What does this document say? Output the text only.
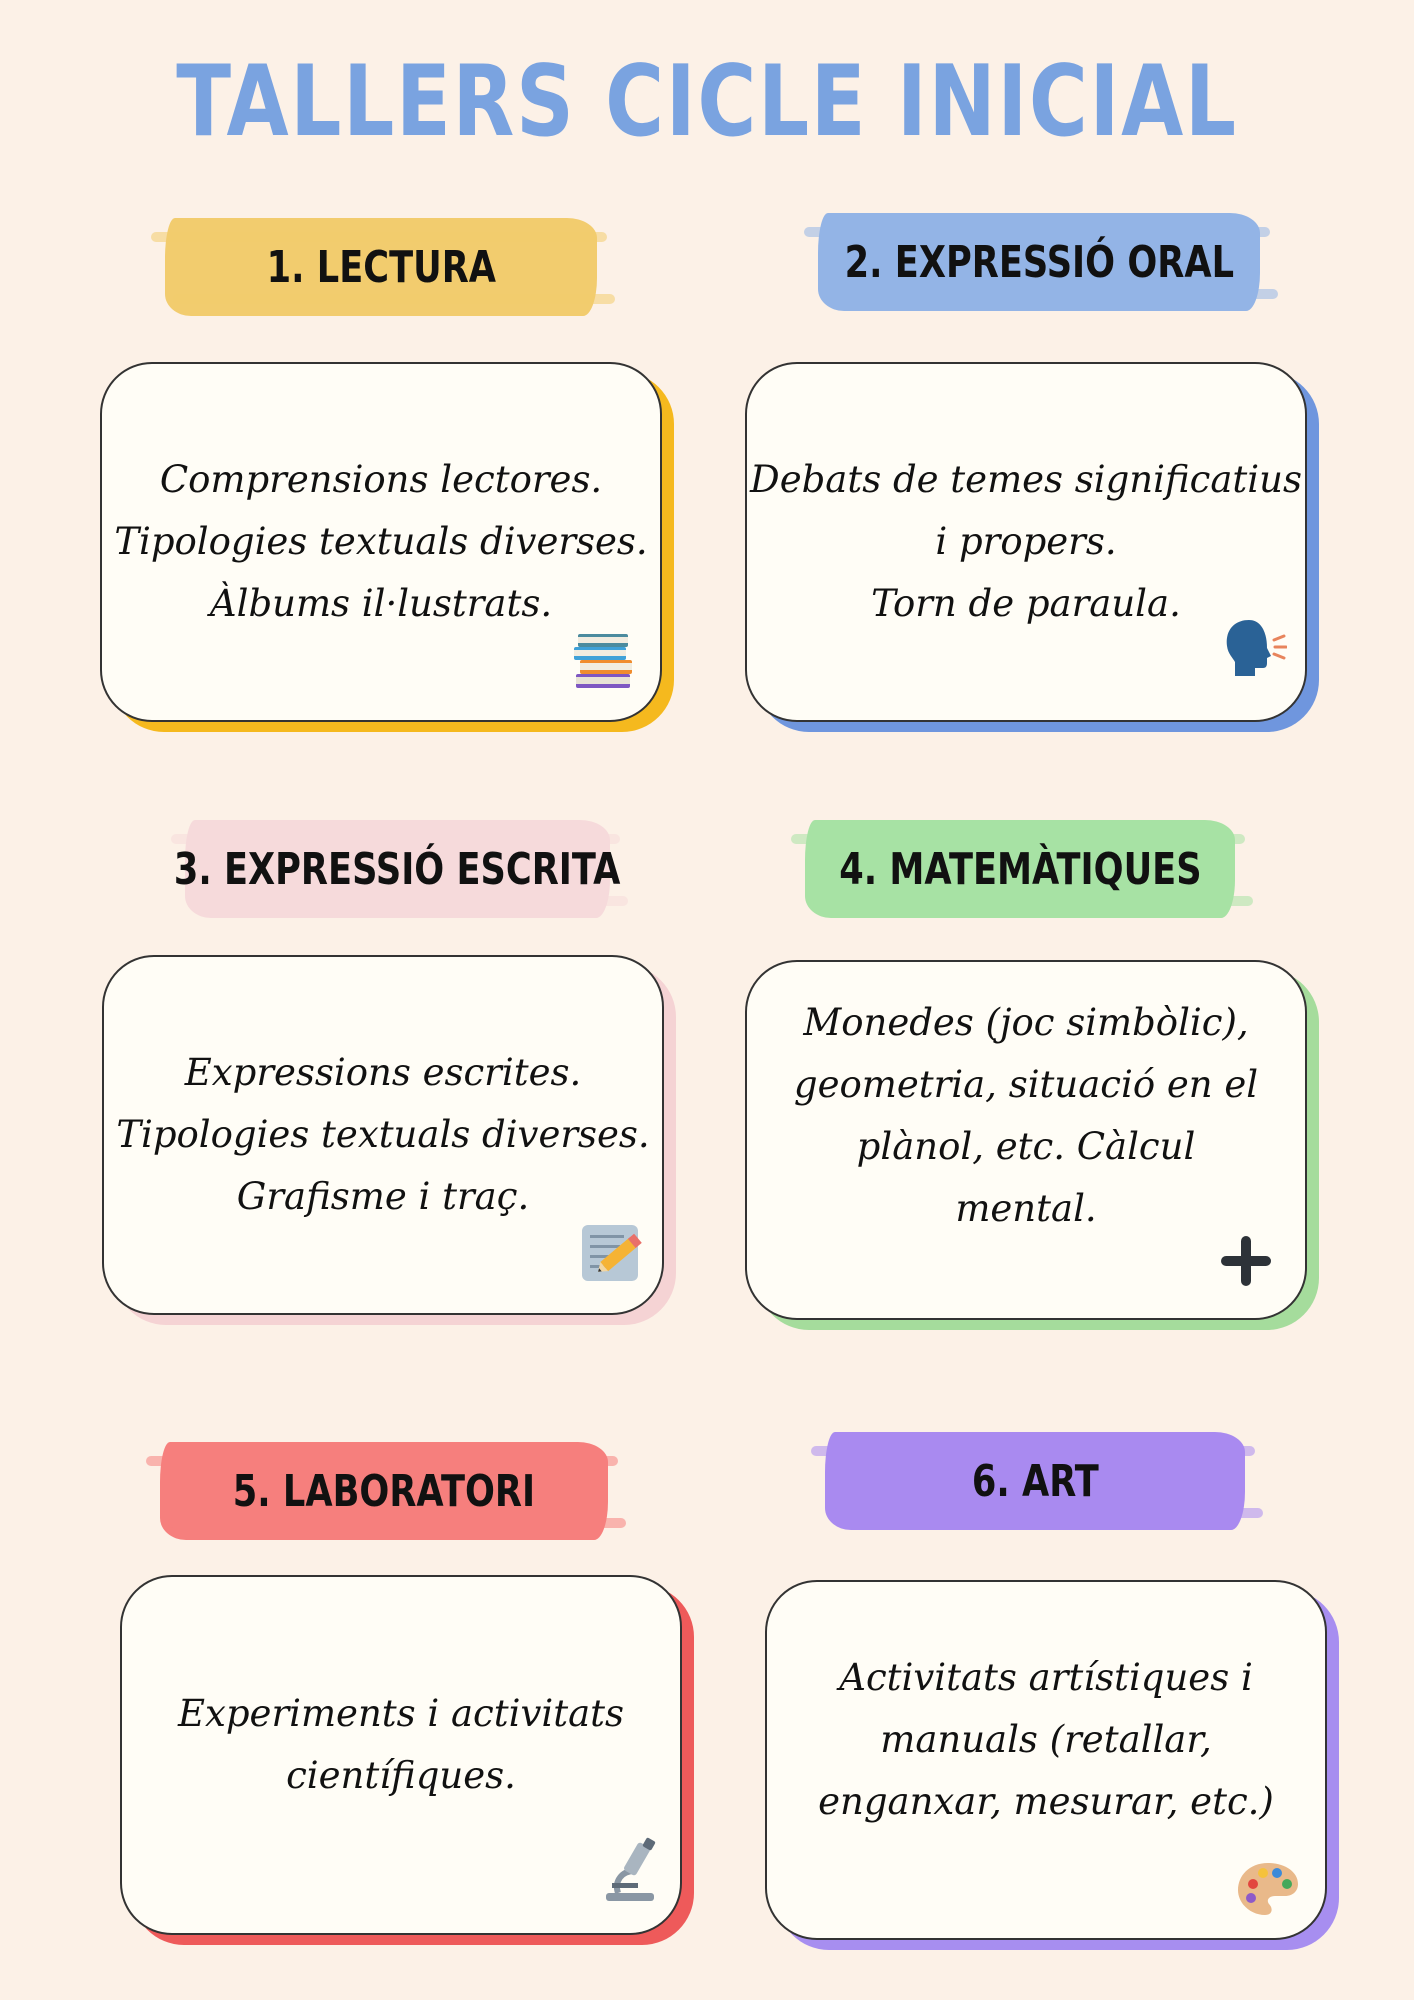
TALLERS CICLE INICIAL
1. LECTURA
Comprensions lectores.
Tipologies textuals diverses.
Àlbums il·lustrats.
2. EXPRESSIÓ ORAL
Debats de temes significatius
i propers.
Torn de paraula.
3. EXPRESSIÓ ESCRITA
Expressions escrites.
Tipologies textuals diverses.
Grafisme i traç.
4. MATEMÀTIQUES
Monedes (joc simbòlic),
geometria, situació en el
plànol, etc. Càlcul
mental.
5. LABORATORI
Experiments i activitats
científiques.
6. ART
Activitats artístiques i
manuals (retallar,
enganxar, mesurar, etc.)
